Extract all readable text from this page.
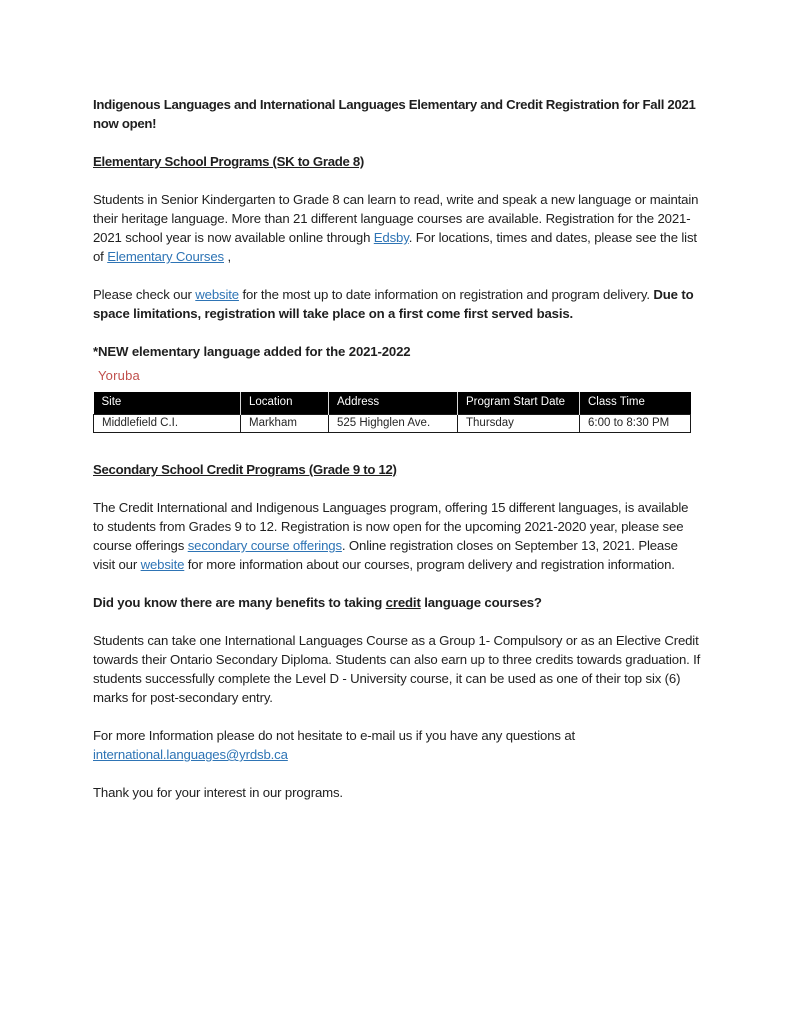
Indigenous Languages and International Languages Elementary and Credit Registration for Fall 2021 now open!

Elementary School Programs (SK to Grade 8)

Students in Senior Kindergarten to Grade 8 can learn to read, write and speak a new language or maintain their heritage language. More than 21 different language courses are available. Registration for the 2021-2021 school year is now available online through Edsby. For locations, times and dates, please see the list of Elementary Courses ,

Please check our website for the most up to date information on registration and program delivery. Due to space limitations, registration will take place on a first come first served basis.

*NEW elementary language added for the 2021-2022

Yoruba

Site	Location	Address	Program Start Date	Class Time
Middlefield C.I.	Markham	525 Highglen Ave.	Thursday	6:00 to 8:30 PM

Secondary School Credit Programs (Grade 9 to 12)

The Credit International and Indigenous Languages program, offering 15 different languages, is available to students from Grades 9 to 12. Registration is now open for the upcoming 2021-2020 year, please see course offerings secondary course offerings. Online registration closes on September 13, 2021. Please visit our website for more information about our courses, program delivery and registration information.

Did you know there are many benefits to taking credit language courses?

Students can take one International Languages Course as a Group 1- Compulsory or as an Elective Credit towards their Ontario Secondary Diploma. Students can also earn up to three credits towards graduation. If students successfully complete the Level D - University course, it can be used as one of their top six (6) marks for post-secondary entry.

For more Information please do not hesitate to e-mail us if you have any questions at
international.languages@yrdsb.ca

Thank you for your interest in our programs.
